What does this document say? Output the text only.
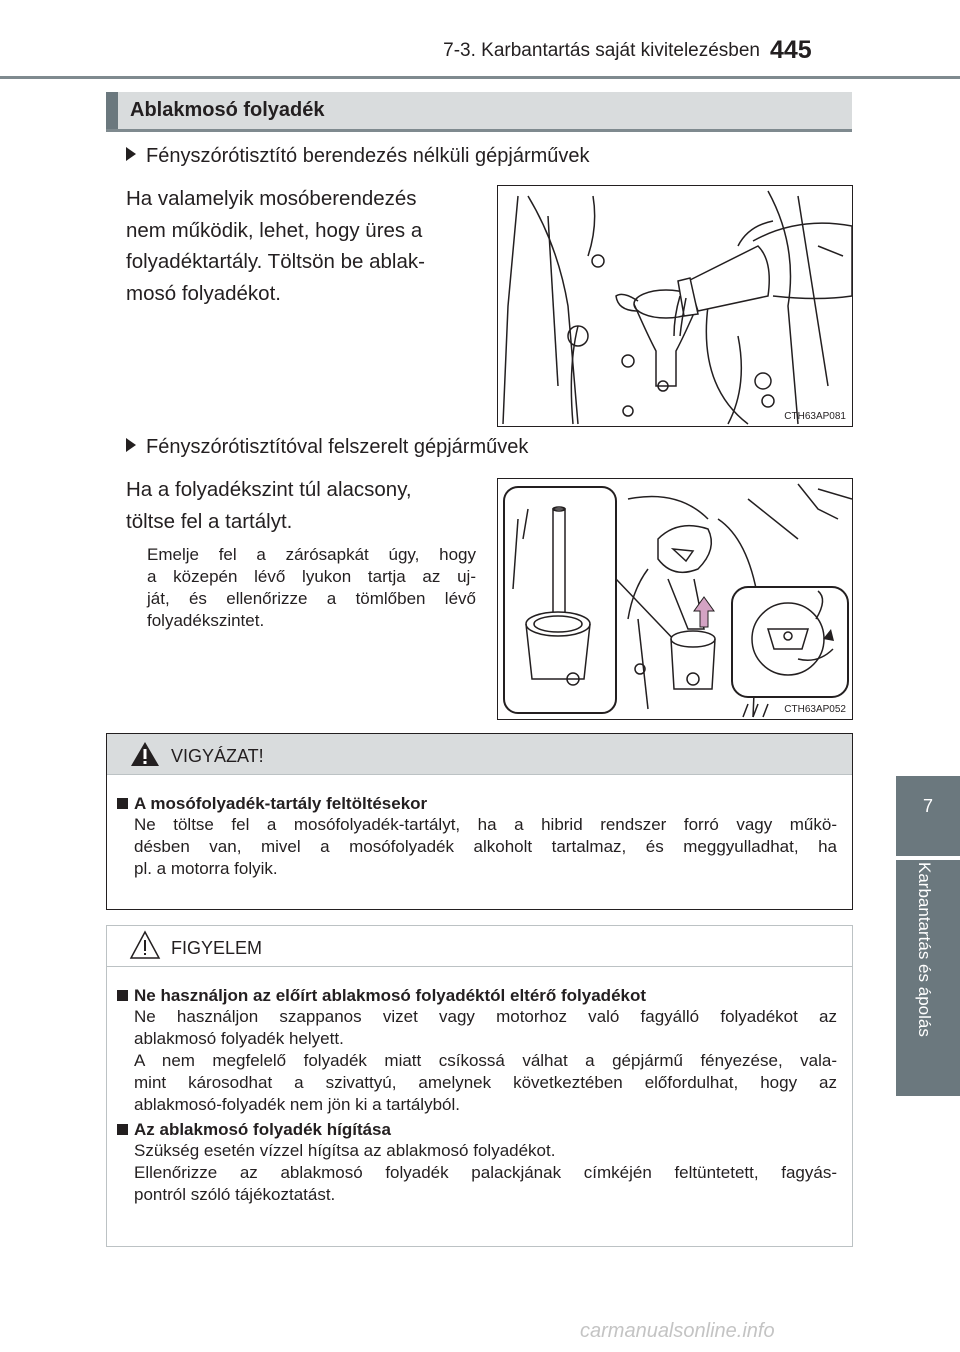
7-3. Karbantartás saját kivitelezésben 445
7
Karbantartás és ápolás
Ablakmosó folyadék
Fényszórótisztító berendezés nélküli gépjárművek
Ha valamelyik mosóberendezés
nem működik, lehet, hogy üres a
folyadéktartály. Töltsön be ablak-
mosó folyadékot.
CTH63AP081
Fényszórótisztítóval felszerelt gépjárművek
Ha a folyadékszint túl alacsony,
töltse fel a tartályt.
Emelje fel a zárósapkát úgy, hogy
a közepén lévő lyukon tartja az uj-
ját, és ellenőrizze a tömlőben lévő
folyadékszintet.
CTH63AP052
VIGYÁZAT!
A mosófolyadék-tartály feltöltésekor
Ne töltse fel a mosófolyadék-tartályt, ha a hibrid rendszer forró vagy műkö-
désben van, mivel a mosófolyadék alkoholt tartalmaz, és meggyulladhat, ha
pl. a motorra folyik.
FIGYELEM
Ne használjon az előírt ablakmosó folyadéktól eltérő folyadékot
Ne használjon szappanos vizet vagy motorhoz való fagyálló folyadékot az
ablakmosó folyadék helyett.
A nem megfelelő folyadék miatt csíkossá válhat a gépjármű fényezése, vala-
mint károsodhat a szivattyú, amelynek következtében előfordulhat, hogy az
ablakmosó-folyadék nem jön ki a tartályból.
Az ablakmosó folyadék hígítása
Szükség esetén vízzel hígítsa az ablakmosó folyadékot.
Ellenőrizze az ablakmosó folyadék palackjának címkéjén feltüntetett, fagyás-
pontról szóló tájékoztatást.
carmanualsonline.info
